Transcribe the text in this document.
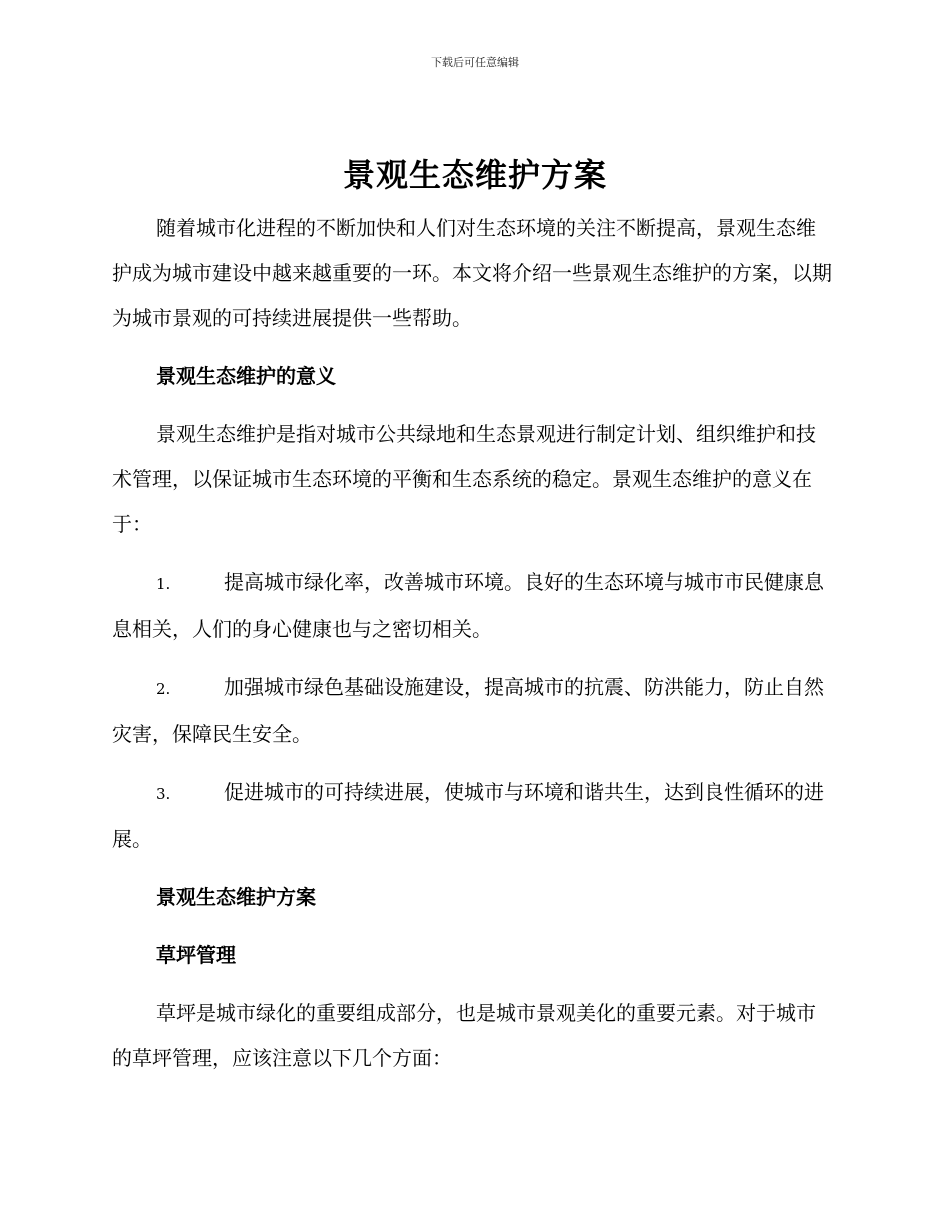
下载后可任意编辑
景观生态维护方案

随着城市化进程的不断加快和人们对生态环境的关注不断提高，景观生态维护成为城市建设中越来越重要的一环。本文将介绍一些景观生态维护的方案，以期为城市景观的可持续进展提供一些帮助。

景观生态维护的意义

景观生态维护是指对城市公共绿地和生态景观进行制定计划、组织维护和技术管理，以保证城市生态环境的平衡和生态系统的稳定。景观生态维护的意义在于：

1.	提高城市绿化率，改善城市环境。良好的生态环境与城市市民健康息息相关，人们的身心健康也与之密切相关。

2.	加强城市绿色基础设施建设，提高城市的抗震、防洪能力，防止自然灾害，保障民生安全。

3.	促进城市的可持续进展，使城市与环境和谐共生，达到良性循环的进展。

景观生态维护方案

草坪管理

草坪是城市绿化的重要组成部分，也是城市景观美化的重要元素。对于城市的草坪管理，应该注意以下几个方面：
